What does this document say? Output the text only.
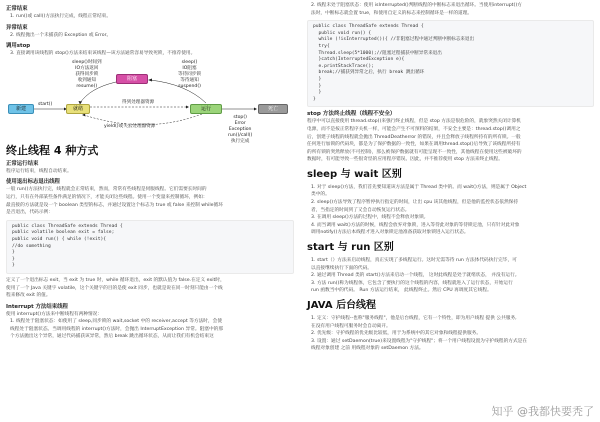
正常结束
1. run()或 call()方法执行完成，线程正常结束。
异常结束
2. 线程抛出一个未捕获的 Exception 或 Error。
调用stop
3. 直接调用该线程的 stop()方法来结束该线程—该方法通常容易导致死锁，不推荐使用。
新建	就绪	运行
阻塞
死亡
start()
sleep()时间到
IO方法返回
获得同步锁
收到通知
resume()
得到处理器资源
sleep()
IO阻塞
等待同步锁
等待通知
suspend()
yield()或失去处理器资源
stop()
Error
Exception
run()/call()
执行完成
终止线程 4 种方式
正常运行结束
程序运行结束，线程自动结束。
使用退出标志退出线程
一般 run()方法执行完，线程就会正常结束，然而，常常有些线程是伺服线程。它们需要长时间的
运行，只有在外部某些条件满足的情况下，才能关闭这些线程。使用一个变量来控制循环，例如：
最直接的方法就是设一个 boolean 类型的标志，并通过设置这个标志为 true 或 false 来控制 while循环
是否退出，代码示例：
public class ThreadSafe extends Thread {
public volatile boolean exit = false;
public void run() { while (!exit){
//do something
}
}
}
定义了一个退出标志 exit，当 exit 为 true 时，while 循环退出，exit 的默认值为 false.在定义 exit时，
使用了一个 Java 关键字 volatile，这个关键字的目的是使 exit 同步，也就是说在同一时刻只能由一个线
程来修改 exit 的值。
Interrupt 方法结束线程
使用 interrupt()方法来中断线程有两种情况：
1. 线程处于阻塞状态：如使用了 sleep,同步锁的 wait,socket 中的 receiver,accept 等方法时，会使
线程处于阻塞状态。当调用线程的 interrupt()方法时，会抛出 InterruptException 异常。阻塞中的那
个方法抛出这个异常，通过代码捕获该异常，然后 break 跳出循环状态，从而让我们有机会结束这
2. 线程未处于阻塞状态：使用 isInterrupted()判断线程的中断标志来退出循环。当使用interrupt()方
法时，中断标志就会置 true，和使用自定义的标志来控制循环是一样的道理。
public class ThreadSafe extends Thread {
public void run() {
while (!isInterrupted()){ //非阻塞过程中通过判断中断标志来退出
try{
Thread.sleep(5*1000);//阻塞过程捕获中断异常来退出
}catch(InterruptedException e){
e.printStackTrace();
break;//捕获到异常之后，执行 break 跳出循环
}
}
}
}
stop 方法终止线程（线程不安全）
程序中可以直接使用 thread.stop()来强行终止线程，但是 stop 方法是很危险的，就象突然关闭计算机
电源，而不是按正常程序关机一样，可能会产生不可预料的结果，不安全主要是：thread.stop()调用之
后，创建子线程的线程就会抛出 ThreadDeatherror 的错误，并且会释放子线程所持有的所有锁。一般
任何进行加锁的代码块，都是为了保护数据的一致性，如果在调用thread.stop()后导致了该线程所持有
的所有锁的突然释放(不可控制)，那么被保护数据就有可能呈现不一致性，其他线程在使用这些被破坏的
数据时，有可能导致一些很奇怪的应用程序错误。因此，并不推荐使用 stop 方法来终止线程。
sleep 与 wait 区别
1. 对于 sleep()方法，我们首先要知道该方法是属于 Thread 类中的。而 wait()方法，则是属于 Object
类中的。
2. sleep()方法导致了程序暂停执行指定的时间，让出 cpu 该其他线程，但是他的监控状态依然保持
者，当指定的时间到了又会自动恢复运行状态。
3. 在调用 sleep()方法的过程中，线程不会释放对象锁。
4. 而当调用 wait()方法的时候，线程会放弃对象锁，进入等待此对象的等待锁定池，只有针对此对象
调用notify()方法后本线程才进入对象锁定池准备获取对象锁进入运行状态。
start 与 run 区别
1. start（）方法来启动线程，真正实现了多线程运行。这时无需等待 run 方法体代码执行完毕，可
以直接继续执行下面的代码。
2. 通过调用 Thread 类的 start()方法来启动一个线程， 这时此线程是处于就绪状态， 并没有运行。
3. 方法 run()称为线程体，它包含了要执行的这个线程的内容，线程就进入了运行状态，开始运行
run 函数当中的代码。 Run 方法运行结束， 此线程终止。然后 CPU 再调度其它线程。
JAVA 后台线程
1. 定义：守护线程--也称"服务线程"，他是后台线程，它有一个特性，即为用户线程 提供 公共服务,
在没有用户线程可服务时会自动离开。
2. 优先级：守护线程的优先级比较低，用于为系统中的其它对象和线程提供服务。
3. 设置：通过 setDaemon(true)来设置线程为"守护线程"；将一个用户线程设置为守护线程的方式是在
线程对象创建 之前 用线程对象的 setDaemon 方法。
知乎 @我都快要秃了
